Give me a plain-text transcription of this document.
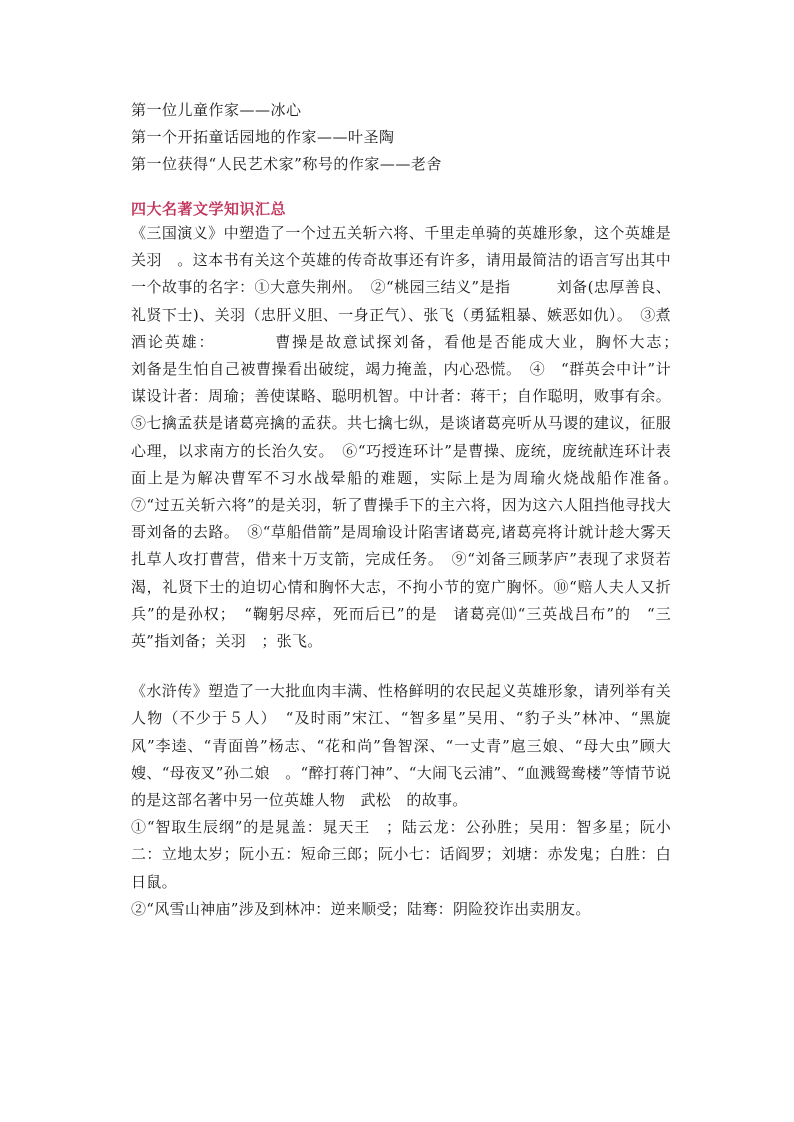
第一位儿童作家——冰心
第一个开拓童话园地的作家——叶圣陶
第一位获得“人民艺术家”称号的作家——老舍
四大名著文学知识汇总
《三国演义》中塑造了一个过五关斩六将、千里走单骑的英雄形象，这个英雄是　关羽　。这本书有关这个英雄的传奇故事还有许多，请用最简洁的语言写出其中一个故事的名字：①大意失荆州。　②“桃园三结义”是指　　　刘备(忠厚善良、礼贤下士)、关羽（忠肝义胆、一身正气）、张飞（勇猛粗暴、嫉恶如仇）。　③煮酒论英雄：　　　　曹操是故意试探刘备，看他是否能成大业，胸怀大志；　　　　刘备是生怕自己被曹操看出破绽，竭力掩盖，内心恐慌。　④　“群英会中计”计谋设计者：周瑜；善使谋略、聪明机智。中计者：蒋干；自作聪明，败事有余。⑤七擒孟获是诸葛亮擒的孟获。共七擒七纵，是谈诸葛亮听从马谡的建议，征服心理，以求南方的长治久安。　⑥“巧授连环计”是曹操、庞统，庞统献连环计表面上是为解决曹军不习水战晕船的难题，实际上是为周瑜火烧战船作准备。　⑦“过五关斩六将”的是关羽，斩了曹操手下的主六将，因为这六人阻挡他寻找大哥刘备的去路。　⑧“草船借箭”是周瑜设计陷害诸葛亮,诸葛亮将计就计趁大雾天扎草人攻打曹营，借来十万支箭，完成任务。　⑨“刘备三顾茅庐”表现了求贤若渴，礼贤下士的迫切心情和胸怀大志，不拘小节的宽广胸怀。⑩“赔人夫人又折兵”的是孙权；　“鞠躬尽瘁，死而后已”的是　诸葛亮⑾“三英战吕布”的　“三英”指刘备；关羽　；张飞。
《水浒传》塑造了一大批血肉丰满、性格鲜明的农民起义英雄形象，请列举有关人物（不少于５人）　“及时雨”宋江、“智多星”吴用、“豹子头”林冲、“黑旋风”李逵、“青面兽”杨志、“花和尚”鲁智深、“一丈青”扈三娘、“母大虫”顾大嫂、“母夜叉”孙二娘　。“醉打蒋门神”、“大闹飞云浦”、“血溅鸳鸯楼”等情节说的是这部名著中另一位英雄人物　武松　的故事。
①“智取生辰纲”的是晁盖：晁天王　；陆云龙：公孙胜；吴用：智多星；阮小二：立地太岁；阮小五：短命三郎；阮小七：话阎罗；刘塘：赤发鬼；白胜：白日鼠。
②“风雪山神庙”涉及到林冲：逆来顺受；陆骞：阴险狡诈出卖朋友。
